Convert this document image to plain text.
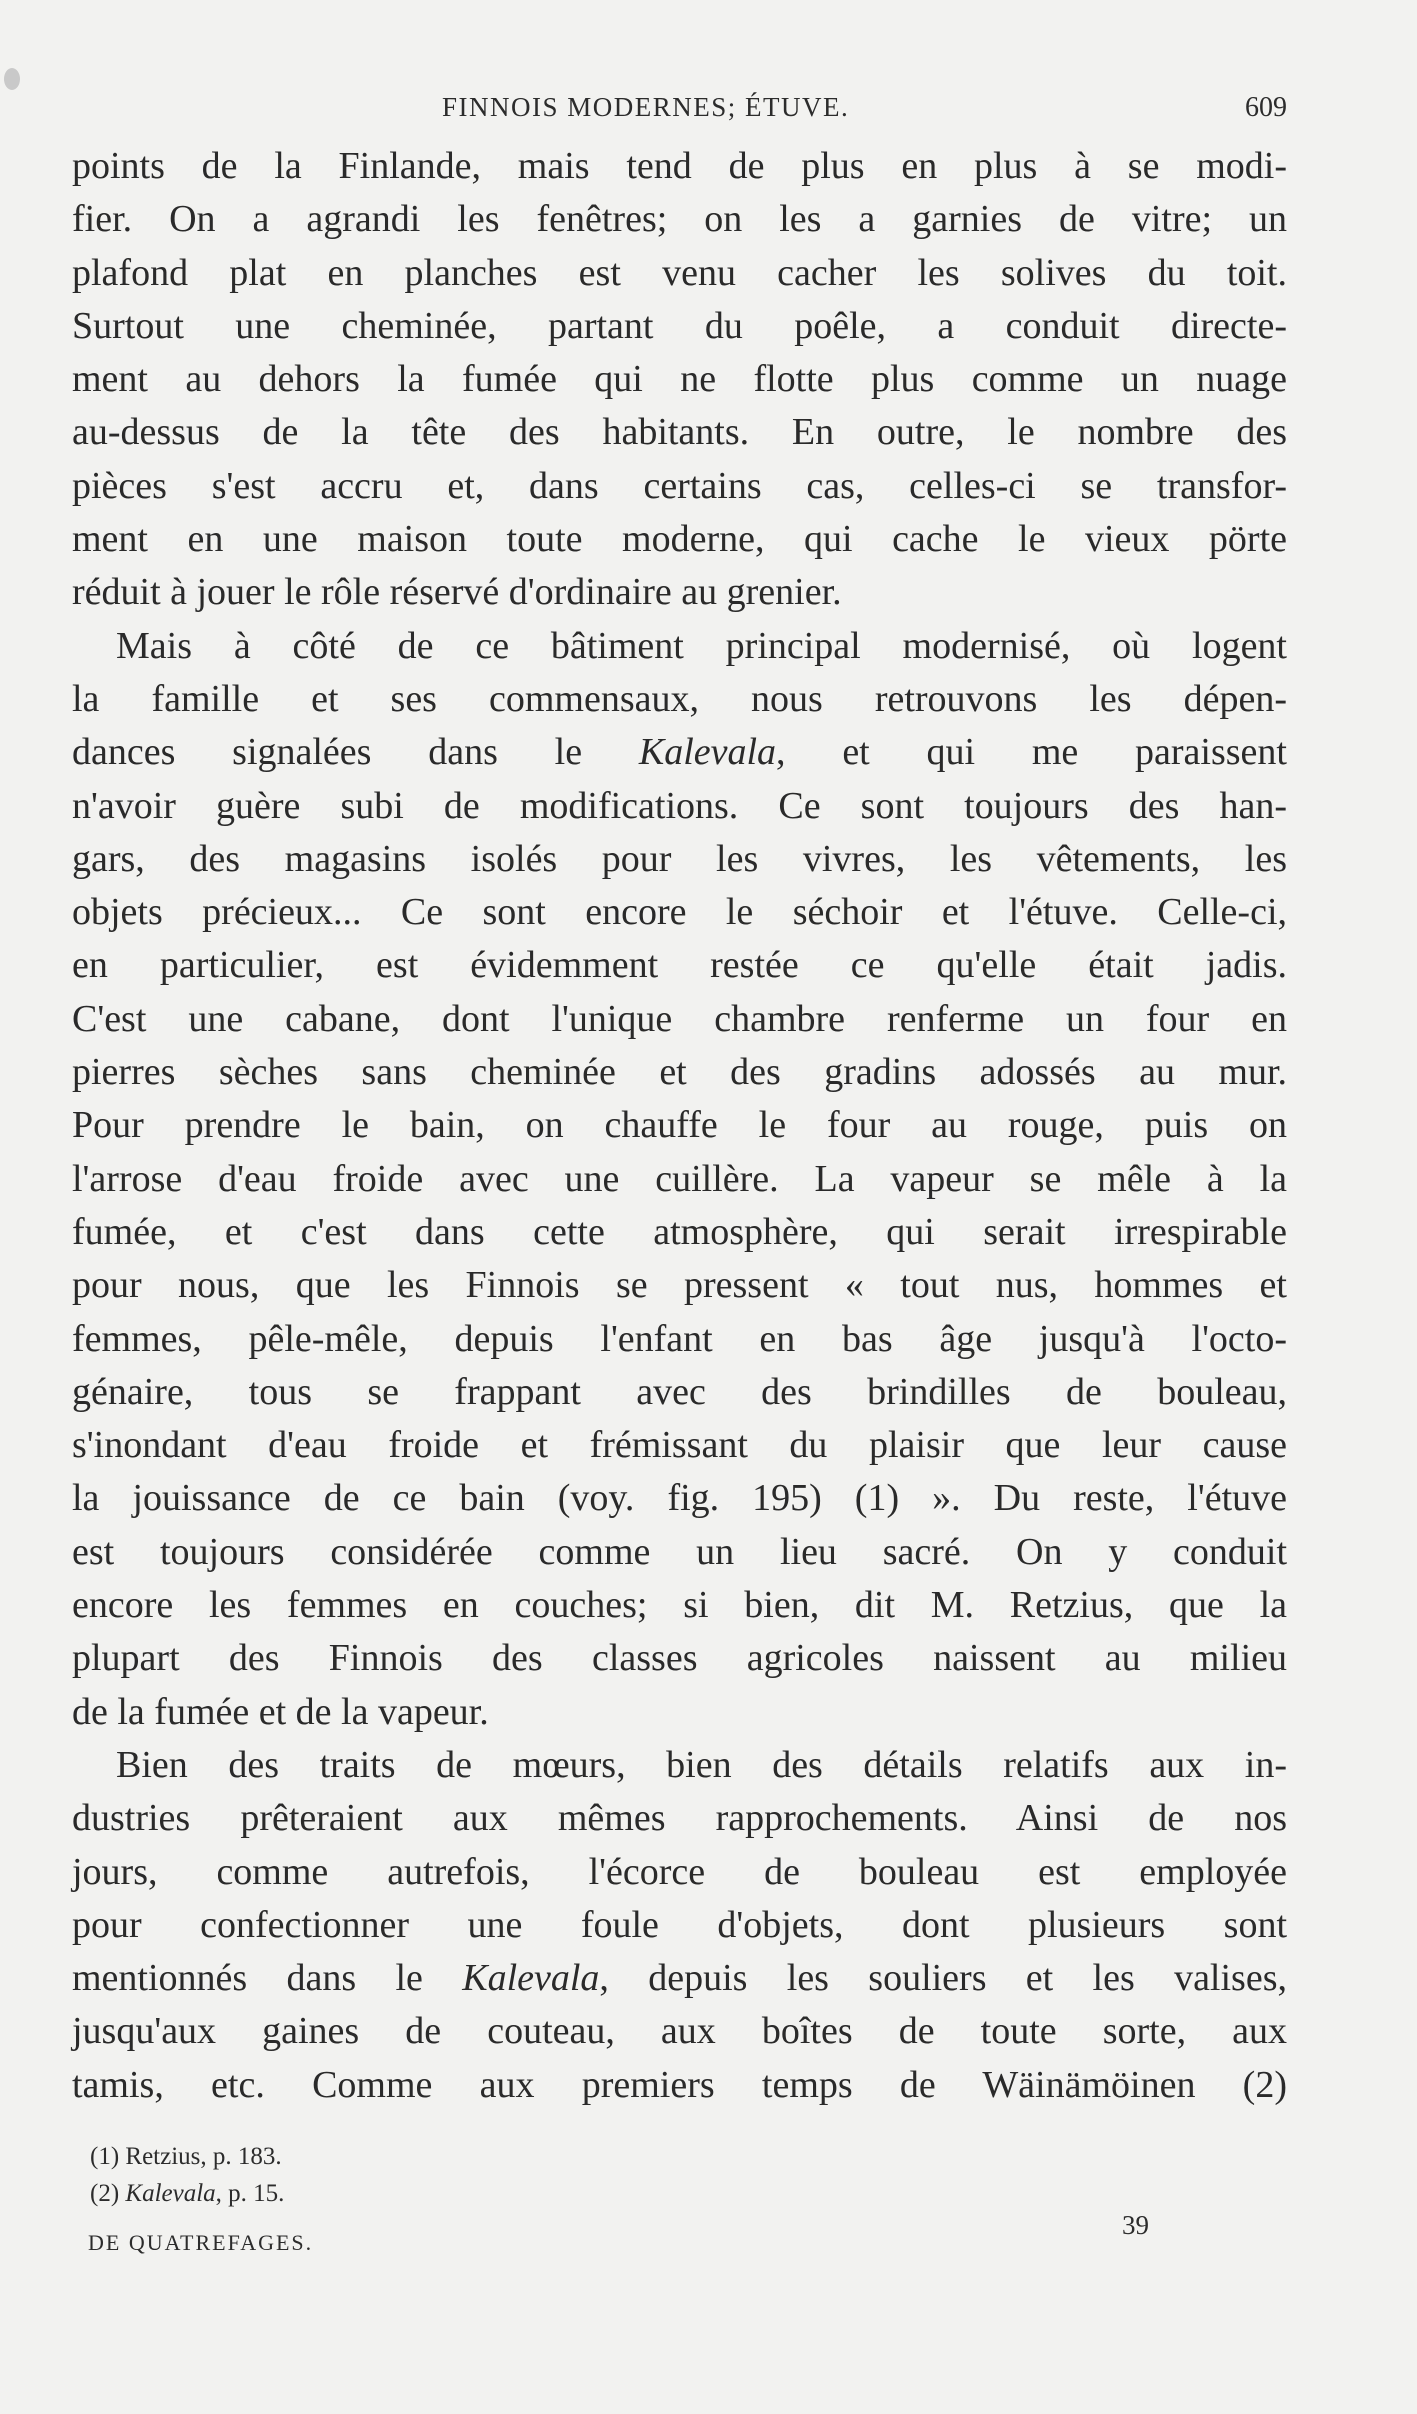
FINNOIS MODERNES; ÉTUVE.	609
points de la Finlande, mais tend de plus en plus à se modi-
fier. On a agrandi les fenêtres; on les a garnies de vitre; un
plafond plat en planches est venu cacher les solives du toit.
Surtout une cheminée, partant du poêle, a conduit directe-
ment au dehors la fumée qui ne flotte plus comme un nuage
au-dessus de la tête des habitants. En outre, le nombre des
pièces s'est accru et, dans certains cas, celles-ci se transfor-
ment en une maison toute moderne, qui cache le vieux pörte
réduit à jouer le rôle réservé d'ordinaire au grenier.
Mais à côté de ce bâtiment principal modernisé, où logent
la famille et ses commensaux, nous retrouvons les dépen-
dances signalées dans le Kalevala, et qui me paraissent
n'avoir guère subi de modifications. Ce sont toujours des han-
gars, des magasins isolés pour les vivres, les vêtements, les
objets précieux... Ce sont encore le séchoir et l'étuve. Celle-ci,
en particulier, est évidemment restée ce qu'elle était jadis.
C'est une cabane, dont l'unique chambre renferme un four en
pierres sèches sans cheminée et des gradins adossés au mur.
Pour prendre le bain, on chauffe le four au rouge, puis on
l'arrose d'eau froide avec une cuillère. La vapeur se mêle à la
fumée, et c'est dans cette atmosphère, qui serait irrespirable
pour nous, que les Finnois se pressent « tout nus, hommes et
femmes, pêle-mêle, depuis l'enfant en bas âge jusqu'à l'octo-
génaire, tous se frappant avec des brindilles de bouleau,
s'inondant d'eau froide et frémissant du plaisir que leur cause
la jouissance de ce bain (voy. fig. 195) (1) ». Du reste, l'étuve
est toujours considérée comme un lieu sacré. On y conduit
encore les femmes en couches; si bien, dit M. Retzius, que la
plupart des Finnois des classes agricoles naissent au milieu
de la fumée et de la vapeur.
Bien des traits de mœurs, bien des détails relatifs aux in-
dustries prêteraient aux mêmes rapprochements. Ainsi de nos
jours, comme autrefois, l'écorce de bouleau est employée
pour confectionner une foule d'objets, dont plusieurs sont
mentionnés dans le Kalevala, depuis les souliers et les valises,
jusqu'aux gaines de couteau, aux boîtes de toute sorte, aux
tamis, etc. Comme aux premiers temps de Wäinämöinen (2)
(1) Retzius, p. 183.
(2) Kalevala, p. 15.
DE QUATREFAGES.
39
